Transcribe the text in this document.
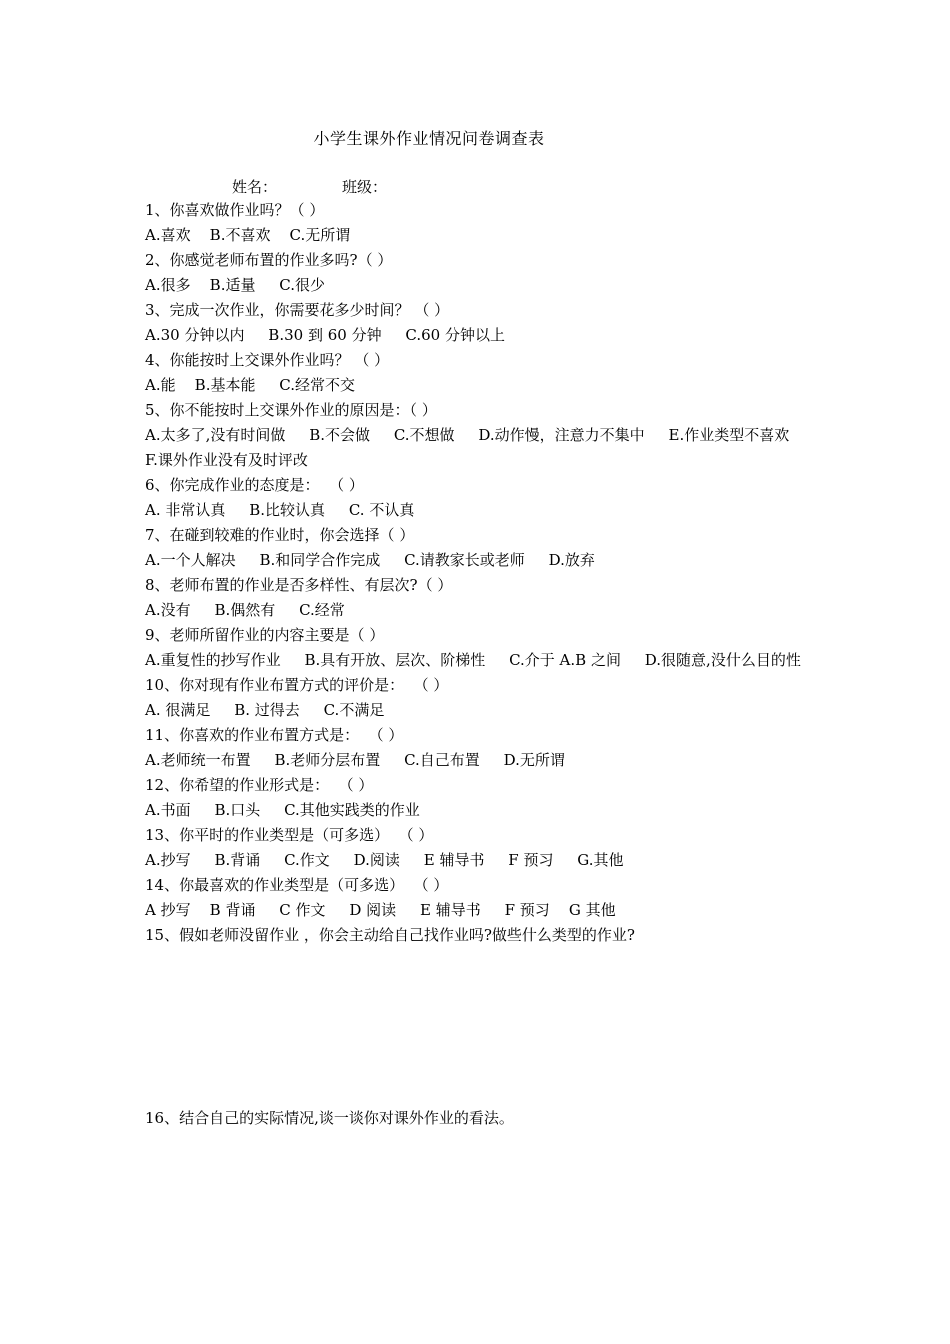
小学生课外作业情况问卷调查表
姓名：	班级：
1、你喜欢做作业吗？（ ）
A.喜欢    B.不喜欢    C.无所谓
2、你感觉老师布置的作业多吗?（ ）
A.很多    B.适量     C.很少
3、完成一次作业，你需要花多少时间？ （ ）
A.30 分钟以内     B.30 到 60 分钟     C.60 分钟以上
4、你能按时上交课外作业吗？ （ ）
A.能    B.基本能     C.经常不交
5、你不能按时上交课外作业的原因是：（ ）
A.太多了,没有时间做     B.不会做     C.不想做     D.动作慢，注意力不集中     E.作业类型不喜欢    F.课外作业没有及时评改
6、你完成作业的态度是：  （ ）
A. 非常认真     B.比较认真     C. 不认真
7、在碰到较难的作业时，你会选择（ ）
A.一个人解决     B.和同学合作完成     C.请教家长或老师     D.放弃
8、老师布置的作业是否多样性、有层次?（ ）
A.没有     B.偶然有     C.经常
9、老师所留作业的内容主要是（ ）
A.重复性的抄写作业     B.具有开放、层次、阶梯性     C.介于 A.B 之间     D.很随意,没什么目的性
10、你对现有作业布置方式的评价是：  （ ）
A. 很满足     B. 过得去     C.不满足
11、你喜欢的作业布置方式是：  （ ）
A.老师统一布置     B.老师分层布置     C.自己布置     D.无所谓
12、你希望的作业形式是：  （ ）
A.书面     B.口头     C.其他实践类的作业
13、你平时的作业类型是（可多选）  （ ）
A.抄写     B.背诵     C.作文     D.阅读     E 辅导书     F 预习     G.其他
14、你最喜欢的作业类型是（可多选）  （ ）
A 抄写    B 背诵     C 作文     D 阅读     E 辅导书     F 预习    G 其他
15、假如老师没留作业 ，你会主动给自己找作业吗?做些什么类型的作业?
16、结合自己的实际情况,谈一谈你对课外作业的看法。
